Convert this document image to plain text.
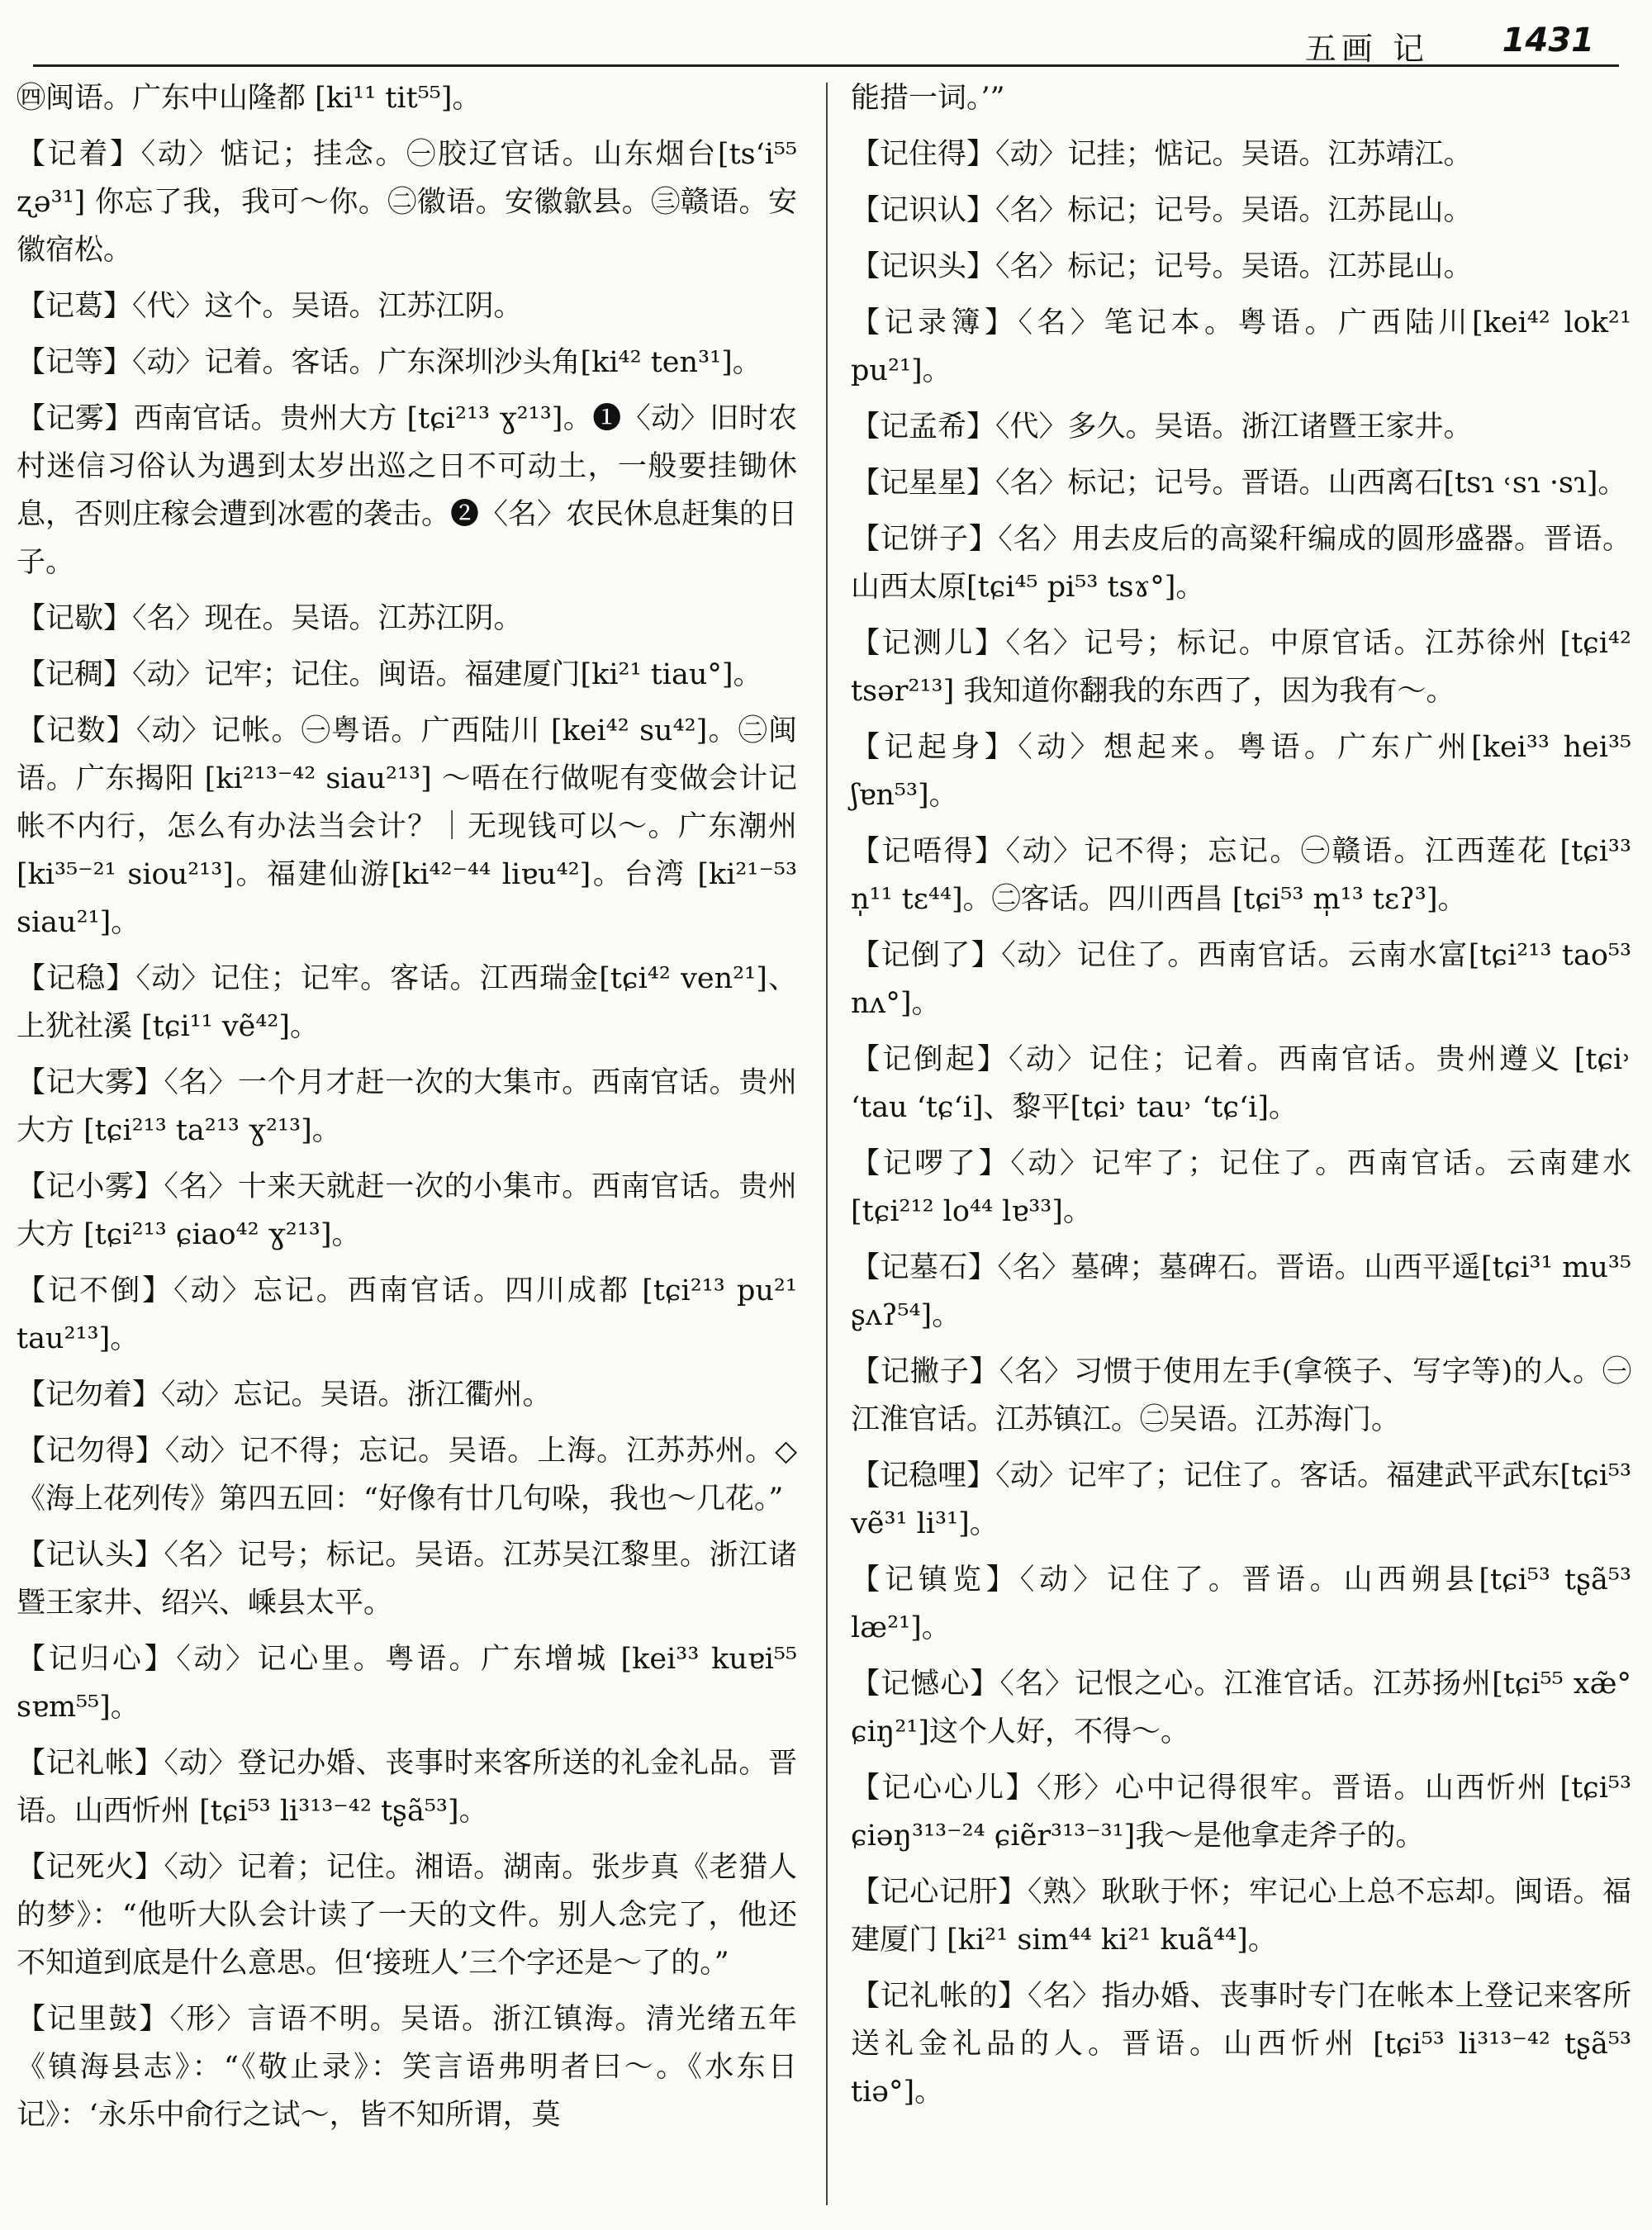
五画 记 1431

㊃闽语。广东中山隆都 [ki¹¹ tit⁵⁵]。

【记着】〈动〉惦记；挂念。㊀胶辽官话。山东烟台[ts‘i⁵⁵ ʐə³¹] 你忘了我，我可～你。㊁徽语。安徽歙县。㊂赣语。安徽宿松。

【记葛】〈代〉这个。吴语。江苏江阴。

【记等】〈动〉记着。客话。广东深圳沙头角[ki⁴² ten³¹]。

【记雾】西南官话。贵州大方 [tɕi²¹³ ɣ²¹³]。❶〈动〉旧时农村迷信习俗认为遇到太岁出巡之日不可动土，一般要挂锄休息，否则庄稼会遭到冰雹的袭击。❷〈名〉农民休息赶集的日子。

【记歇】〈名〉现在。吴语。江苏江阴。

【记稠】〈动〉记牢；记住。闽语。福建厦门[ki²¹ tiau°]。

【记数】〈动〉记帐。㊀粤语。广西陆川 [kei⁴² su⁴²]。㊁闽语。广东揭阳 [ki²¹³⁻⁴² siau²¹³] ～唔在行做呢有变做会计记帐不内行，怎么有办法当会计？｜无现钱可以～。广东潮州[ki³⁵⁻²¹ siou²¹³]。福建仙游[ki⁴²⁻⁴⁴ liɐu⁴²]。台湾 [ki²¹⁻⁵³ siau²¹]。

【记稳】〈动〉记住；记牢。客话。江西瑞金[tɕi⁴² ven²¹]、上犹社溪 [tɕi¹¹ vẽ⁴²]。

【记大雾】〈名〉一个月才赶一次的大集市。西南官话。贵州大方 [tɕi²¹³ ta²¹³ ɣ²¹³]。

【记小雾】〈名〉十来天就赶一次的小集市。西南官话。贵州大方 [tɕi²¹³ ɕiao⁴² ɣ²¹³]。

【记不倒】〈动〉忘记。西南官话。四川成都 [tɕi²¹³ pu²¹ tau²¹³]。

【记勿着】〈动〉忘记。吴语。浙江衢州。

【记勿得】〈动〉记不得；忘记。吴语。上海。江苏苏州。◇《海上花列传》第四五回：“好像有廿几句哚，我也～几花。”

【记认头】〈名〉记号；标记。吴语。江苏吴江黎里。浙江诸暨王家井、绍兴、嵊县太平。

【记归心】〈动〉记心里。粤语。广东增城 [kei³³ kuɐi⁵⁵ sɐm⁵⁵]。

【记礼帐】〈动〉登记办婚、丧事时来客所送的礼金礼品。晋语。山西忻州 [tɕi⁵³ li³¹³⁻⁴² tʂã⁵³]。

【记死火】〈动〉记着；记住。湘语。湖南。张步真《老猎人的梦》：“他听大队会计读了一天的文件。别人念完了，他还不知道到底是什么意思。但‘接班人’三个字还是～了的。”

【记里鼓】〈形〉言语不明。吴语。浙江镇海。清光绪五年《镇海县志》：“《敬止录》：笑言语弗明者曰～。《水东日记》：‘永乐中俞行之试～，皆不知所谓，莫

能措一词。’”

【记住得】〈动〉记挂；惦记。吴语。江苏靖江。

【记识认】〈名〉标记；记号。吴语。江苏昆山。

【记识头】〈名〉标记；记号。吴语。江苏昆山。

【记录簿】〈名〉笔记本。粤语。广西陆川[kei⁴² lok²¹ pu²¹]。

【记孟希】〈代〉多久。吴语。浙江诸暨王家井。

【记星星】〈名〉标记；记号。晋语。山西离石[tsɿ ˓sɿ ·sɿ]。

【记饼子】〈名〉用去皮后的高粱秆编成的圆形盛器。晋语。山西太原[tɕi⁴⁵ pi⁵³ tsɤ°]。

【记测儿】〈名〉记号；标记。中原官话。江苏徐州 [tɕi⁴² tsər²¹³] 我知道你翻我的东西了，因为我有～。

【记起身】〈动〉想起来。粤语。广东广州[kei³³ hei³⁵ ʃɐn⁵³]。

【记唔得】〈动〉记不得；忘记。㊀赣语。江西莲花 [tɕi³³ n̩¹¹ tɛ⁴⁴]。㊁客话。四川西昌 [tɕi⁵³ m̩¹³ tɛʔ³]。

【记倒了】〈动〉记住了。西南官话。云南水富[tɕi²¹³ tao⁵³ nʌ°]。

【记倒起】〈动〉记住；记着。西南官话。贵州遵义 [tɕi˒ ‘tau ‘tɕ‘i]、黎平[tɕi˒ tau˒ ‘tɕ‘i]。

【记啰了】〈动〉记牢了；记住了。西南官话。云南建水[tɕi²¹² lo⁴⁴ lɐ³³]。

【记墓石】〈名〉墓碑；墓碑石。晋语。山西平遥[tɕi³¹ mu³⁵ ʂʌʔ⁵⁴]。

【记撇子】〈名〉习惯于使用左手(拿筷子、写字等)的人。㊀江淮官话。江苏镇江。㊁吴语。江苏海门。

【记稳哩】〈动〉记牢了；记住了。客话。福建武平武东[tɕi⁵³ vẽ³¹ li³¹]。

【记镇览】〈动〉记住了。晋语。山西朔县[tɕi⁵³ tʂã⁵³ læ²¹]。

【记憾心】〈名〉记恨之心。江淮官话。江苏扬州[tɕi⁵⁵ xæ̃° ɕiŋ²¹]这个人好，不得～。

【记心心儿】〈形〉心中记得很牢。晋语。山西忻州 [tɕi⁵³ ɕiəŋ³¹³⁻²⁴ ɕiẽr³¹³⁻³¹]我～是他拿走斧子的。

【记心记肝】〈熟〉耿耿于怀；牢记心上总不忘却。闽语。福建厦门 [ki²¹ sim⁴⁴ ki²¹ kuã⁴⁴]。

【记礼帐的】〈名〉指办婚、丧事时专门在帐本上登记来客所送礼金礼品的人。晋语。山西忻州 [tɕi⁵³ li³¹³⁻⁴² tʂã⁵³ tiə°]。
